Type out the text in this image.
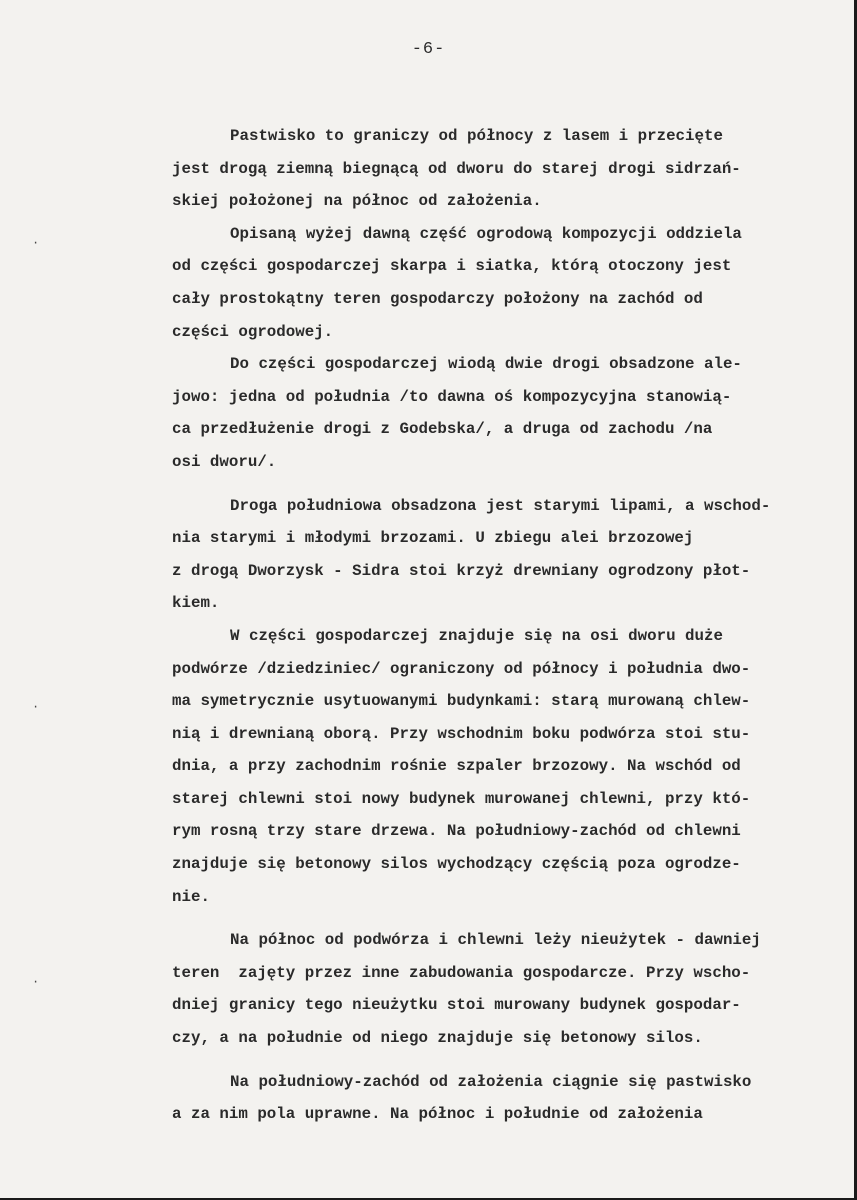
-6-
·
·
·
Pastwisko to graniczy od północy z lasem i przecięte
jest drogą ziemną biegnącą od dworu do starej drogi sidrzań-
skiej położonej na północ od założenia.
Opisaną wyżej dawną część ogrodową kompozycji oddziela
od części gospodarczej skarpa i siatka, którą otoczony jest
cały prostokątny teren gospodarczy położony na zachód od
części ogrodowej.
Do części gospodarczej wiodą dwie drogi obsadzone ale-
jowo: jedna od południa /to dawna oś kompozycyjna stanowią-
ca przedłużenie drogi z Godebska/, a druga od zachodu /na
osi dworu/.
Droga południowa obsadzona jest starymi lipami, a wschod-
nia starymi i młodymi brzozami. U zbiegu alei brzozowej
z drogą Dworzysk - Sidra stoi krzyż drewniany ogrodzony płot-
kiem.
W części gospodarczej znajduje się na osi dworu duże
podwórze /dziedziniec/ ograniczony od północy i południa dwo-
ma symetrycznie usytuowanymi budynkami: starą murowaną chlew-
nią i drewnianą oborą. Przy wschodnim boku podwórza stoi stu-
dnia, a przy zachodnim rośnie szpaler brzozowy. Na wschód od
starej chlewni stoi nowy budynek murowanej chlewni, przy któ-
rym rosną trzy stare drzewa. Na południowy-zachód od chlewni
znajduje się betonowy silos wychodzący częścią poza ogrodze-
nie.
Na północ od podwórza i chlewni leży nieużytek - dawniej
teren  zajęty przez inne zabudowania gospodarcze. Przy wscho-
dniej granicy tego nieużytku stoi murowany budynek gospodar-
czy, a na południe od niego znajduje się betonowy silos.
Na południowy-zachód od założenia ciągnie się pastwisko
a za nim pola uprawne. Na północ i południe od założenia
